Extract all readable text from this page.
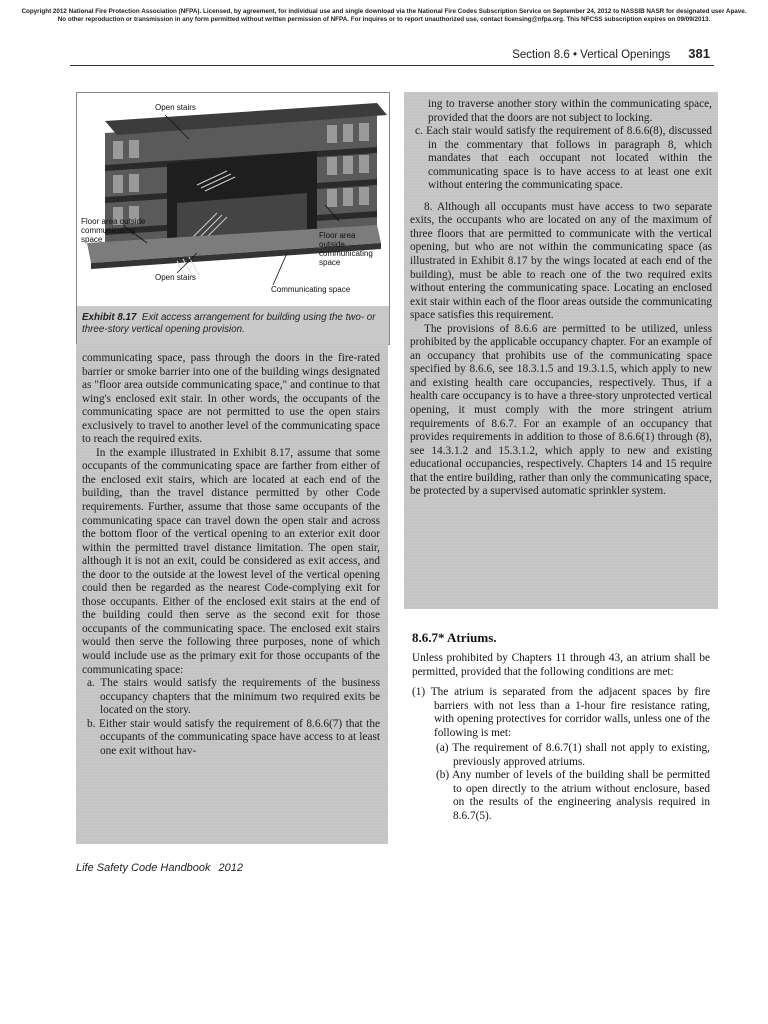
Copyright 2012 National Fire Protection Association (NFPA). Licensed, by agreement, for individual use and single download via the National Fire Codes Subscription Service on September 24, 2012 to NASSIB NASR for designated user Apave. No other reproduction or transmission in any form permitted without written permission of NFPA. For inquires or to report unauthorized use, contact licensing@nfpa.org. This NFCSS subscription expires on 09/09/2013.
Section 8.6 • Vertical Openings 381
Open stairs
Floor area outside communicating space	Floor area outside communicating space
Open stairs
Communicating space
Exhibit 8.17 Exit access arrangement for building using the two- or three-story vertical opening provision.

communicating space, pass through the doors in the fire-rated barrier or smoke barrier into one of the building wings designated as "floor area outside communicating space," and continue to that wing's enclosed exit stair. In other words, the occupants of the communicating space are not permitted to use the open stairs exclusively to travel to another level of the communicating space to reach the required exits.

In the example illustrated in Exhibit 8.17, assume that some occupants of the communicating space are farther from either of the enclosed exit stairs, which are located at each end of the building, than the travel distance permitted by other Code requirements. Further, assume that those same occupants of the communicating space can travel down the open stair and across the bottom floor of the vertical opening to an exterior exit door within the permitted travel distance limitation. The open stair, although it is not an exit, could be considered as exit access, and the door to the outside at the lowest level of the vertical opening could then be regarded as the nearest Code-complying exit for those occupants. Either of the enclosed exit stairs at the end of the building could then serve as the second exit for those occupants of the communicating space. The enclosed exit stairs would then serve the following three purposes, none of which would include use as the primary exit for those occupants of the communicating space:

a. The stairs would satisfy the requirements of the business occupancy chapters that the minimum two required exits be located on the story.

b. Either stair would satisfy the requirement of 8.6.6(7) that the occupants of the communicating space have access to at least one exit without hav-

ing to traverse another story within the communicating space, provided that the doors are not subject to locking.

c. Each stair would satisfy the requirement of 8.6.6(8), discussed in the commentary that follows in paragraph 8, which mandates that each occupant not located within the communicating space is to have access to at least one exit without entering the communicating space.

8. Although all occupants must have access to two separate exits, the occupants who are located on any of the maximum of three floors that are permitted to communicate with the vertical opening, but who are not within the communicating space (as illustrated in Exhibit 8.17 by the wings located at each end of the building), must be able to reach one of the two required exits without entering the communicating space. Locating an enclosed exit stair within each of the floor areas outside the communicating space satisfies this requirement.

The provisions of 8.6.6 are permitted to be utilized, unless prohibited by the applicable occupancy chapter. For an example of an occupancy that prohibits use of the communicating space specified by 8.6.6, see 18.3.1.5 and 19.3.1.5, which apply to new and existing health care occupancies, respectively. Thus, if a health care occupancy is to have a three-story unprotected vertical opening, it must comply with the more stringent atrium requirements of 8.6.7. For an example of an occupancy that provides requirements in addition to those of 8.6.6(1) through (8), see 14.3.1.2 and 15.3.1.2, which apply to new and existing educational occupancies, respectively. Chapters 14 and 15 require that the entire building, rather than only the communicating space, be protected by a supervised automatic sprinkler system.

8.6.7* Atriums.

Unless prohibited by Chapters 11 through 43, an atrium shall be permitted, provided that the following conditions are met:

(1) The atrium is separated from the adjacent spaces by fire barriers with not less than a 1-hour fire resistance rating, with opening protectives for corridor walls, unless one of the following is met:

(a) The requirement of 8.6.7(1) shall not apply to existing, previously approved atriums.

(b) Any number of levels of the building shall be permitted to open directly to the atrium without enclosure, based on the results of the engineering analysis required in 8.6.7(5).

Life Safety Code Handbook 2012
